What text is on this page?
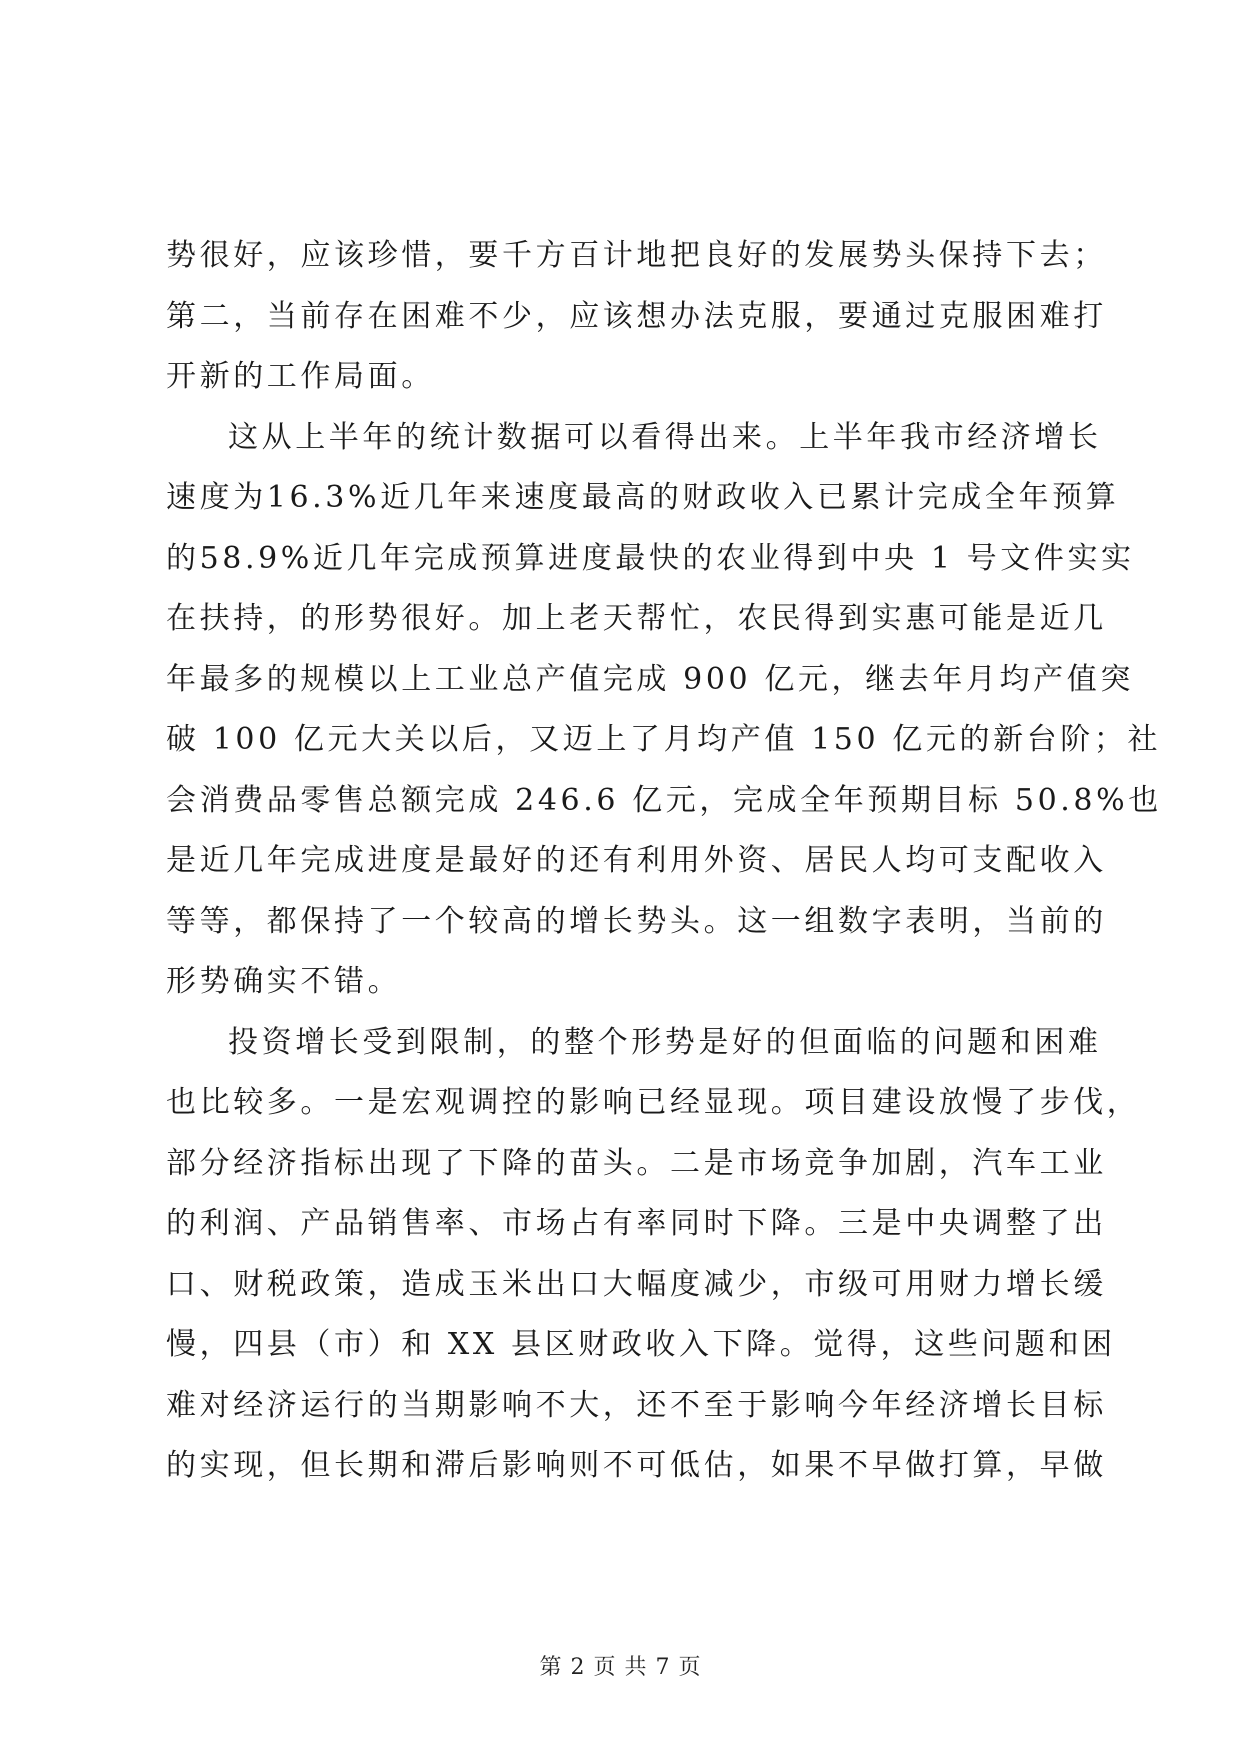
势很好，应该珍惜，要千方百计地把良好的发展势头保持下去；
第二，当前存在困难不少，应该想办法克服，要通过克服困难打
开新的工作局面。

这从上半年的统计数据可以看得出来。上半年我市经济增长
速度为16.3%近几年来速度最高的财政收入已累计完成全年预算
的58.9%近几年完成预算进度最快的农业得到中央 1 号文件实实
在扶持，的形势很好。加上老天帮忙，农民得到实惠可能是近几
年最多的规模以上工业总产值完成 900 亿元，继去年月均产值突
破 100 亿元大关以后，又迈上了月均产值 150 亿元的新台阶；社
会消费品零售总额完成 246.6 亿元，完成全年预期目标 50.8%也
是近几年完成进度是最好的还有利用外资、居民人均可支配收入
等等，都保持了一个较高的增长势头。这一组数字表明，当前的
形势确实不错。

投资增长受到限制，的整个形势是好的但面临的问题和困难
也比较多。一是宏观调控的影响已经显现。项目建设放慢了步伐，
部分经济指标出现了下降的苗头。二是市场竞争加剧，汽车工业
的利润、产品销售率、市场占有率同时下降。三是中央调整了出
口、财税政策，造成玉米出口大幅度减少，市级可用财力增长缓
慢，四县（市）和 XX 县区财政收入下降。觉得，这些问题和困
难对经济运行的当期影响不大，还不至于影响今年经济增长目标
的实现，但长期和滞后影响则不可低估，如果不早做打算，早做

第 2 页 共 7 页
